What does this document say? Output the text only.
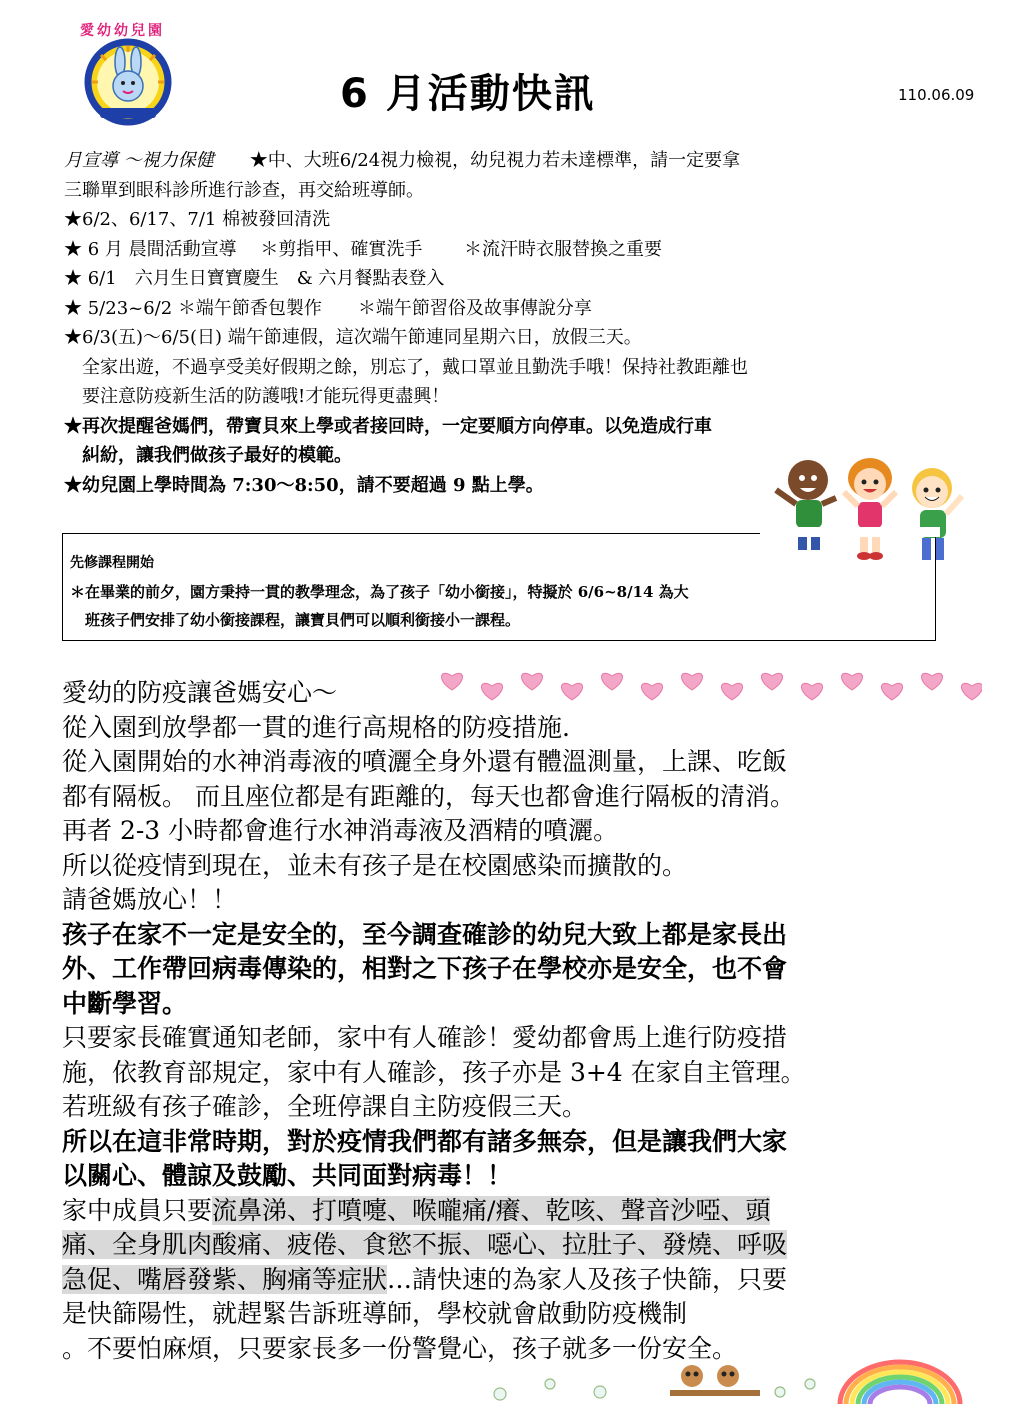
愛幼幼兒園
6 月活動快訊	110.06.09
月宣導 ～視力保健　　★中、大班6/24視力檢視，幼兒視力若未達標準，請一定要拿
三聯單到眼科診所進行診查，再交給班導師。
★6/2、6/17、7/1 棉被發回清洗
★ 6 月 晨間活動宣導　 ＊剪指甲、確實洗手　　 ＊流汗時衣服替換之重要
★ 6/1　六月生日寶寶慶生　& 六月餐點表登入
★ 5/23~6/2 ＊端午節香包製作　　＊端午節習俗及故事傳說分享
★6/3(五)～6/5(日) 端午節連假，這次端午節連同星期六日，放假三天。
全家出遊，不過享受美好假期之餘，別忘了，戴口罩並且勤洗手哦！保持社教距離也
要注意防疫新生活的防護哦!才能玩得更盡興！
★再次提醒爸媽們，帶寶貝來上學或者接回時，一定要順方向停車。以免造成行車
糾紛，讓我們做孩子最好的模範。
★幼兒園上學時間為 7:30～8:50，請不要超過 9 點上學。
先修課程開始
＊在畢業的前夕，園方秉持一貫的教學理念，為了孩子「幼小銜接」，特擬於 6/6~8/14 為大
　班孩子們安排了幼小銜接課程，讓寶貝們可以順利銜接小一課程。
愛幼的防疫讓爸媽安心～
從入園到放學都一貫的進行高規格的防疫措施.
從入園開始的水神消毒液的噴灑全身外還有體溫測量，上課、吃飯
都有隔板。 而且座位都是有距離的，每天也都會進行隔板的清消。
再者 2-3 小時都會進行水神消毒液及酒精的噴灑。
所以從疫情到現在，並未有孩子是在校園感染而擴散的。
請爸媽放心！！
孩子在家不一定是安全的，至今調查確診的幼兒大致上都是家長出
外、工作帶回病毒傳染的，相對之下孩子在學校亦是安全，也不會
中斷學習。
只要家長確實通知老師，家中有人確診！愛幼都會馬上進行防疫措
施，依教育部規定，家中有人確診，孩子亦是 3+4 在家自主管理。
若班級有孩子確診，全班停課自主防疫假三天。
所以在這非常時期，對於疫情我們都有諸多無奈，但是讓我們大家
以關心、體諒及鼓勵、共同面對病毒！！
家中成員只要流鼻涕、打噴嚏、喉嚨痛/癢、乾咳、聲音沙啞、頭
痛、全身肌肉酸痛、疲倦、食慾不振、噁心、拉肚子、發燒、呼吸
急促、嘴唇發紫、胸痛等症狀…請快速的為家人及孩子快篩，只要
是快篩陽性，就趕緊告訴班導師，學校就會啟動防疫機制
。不要怕麻煩，只要家長多一份警覺心，孩子就多一份安全。
